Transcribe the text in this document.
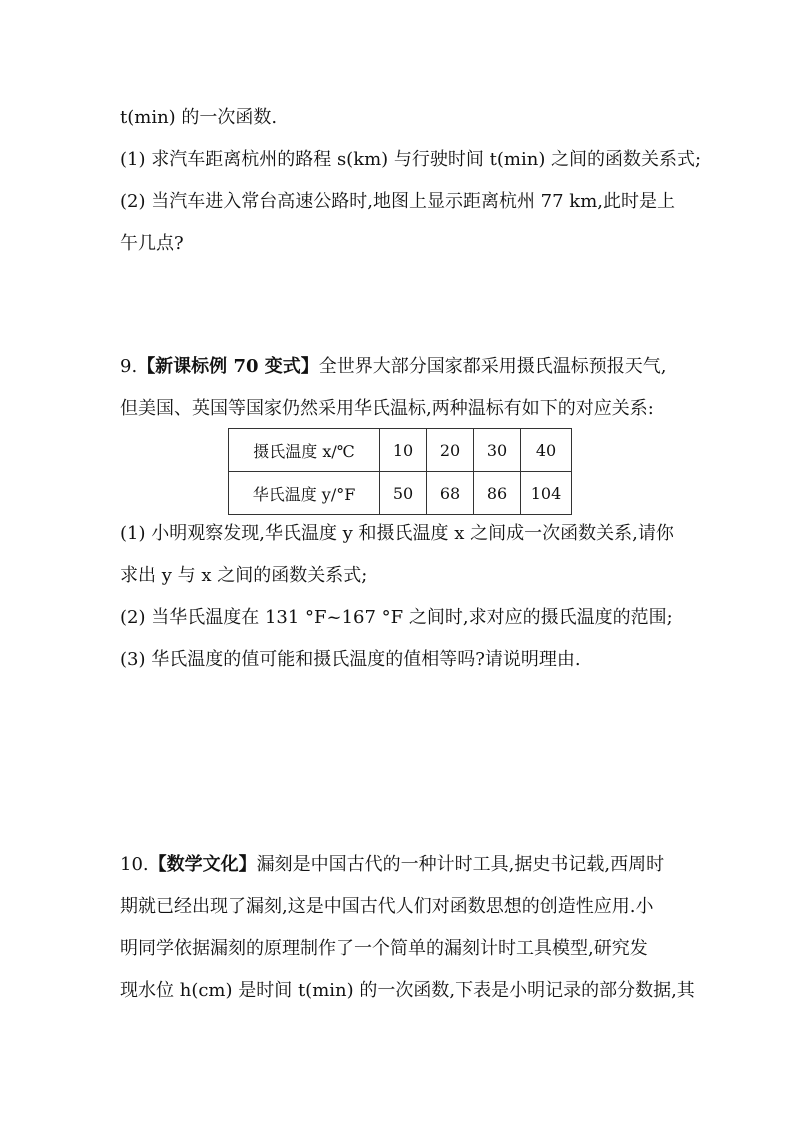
t(min) 的一次函数.
(1) 求汽车距离杭州的路程 s(km) 与行驶时间 t(min) 之间的函数关系式;
(2) 当汽车进入常台高速公路时,地图上显示距离杭州 77 km,此时是上
午几点?
9.【新课标例 70 变式】全世界大部分国家都采用摄氏温标预报天气,
但美国、英国等国家仍然采用华氏温标,两种温标有如下的对应关系:
摄氏温度 x/℃	10	20	30	40
华氏温度 y/°F	50	68	86	104
(1) 小明观察发现,华氏温度 y 和摄氏温度 x 之间成一次函数关系,请你
求出 y 与 x 之间的函数关系式;
(2) 当华氏温度在 131 °F~167 °F 之间时,求对应的摄氏温度的范围;
(3) 华氏温度的值可能和摄氏温度的值相等吗?请说明理由.
10.【数学文化】漏刻是中国古代的一种计时工具,据史书记载,西周时
期就已经出现了漏刻,这是中国古代人们对函数思想的创造性应用.小
明同学依据漏刻的原理制作了一个简单的漏刻计时工具模型,研究发
现水位 h(cm) 是时间 t(min) 的一次函数,下表是小明记录的部分数据,其
